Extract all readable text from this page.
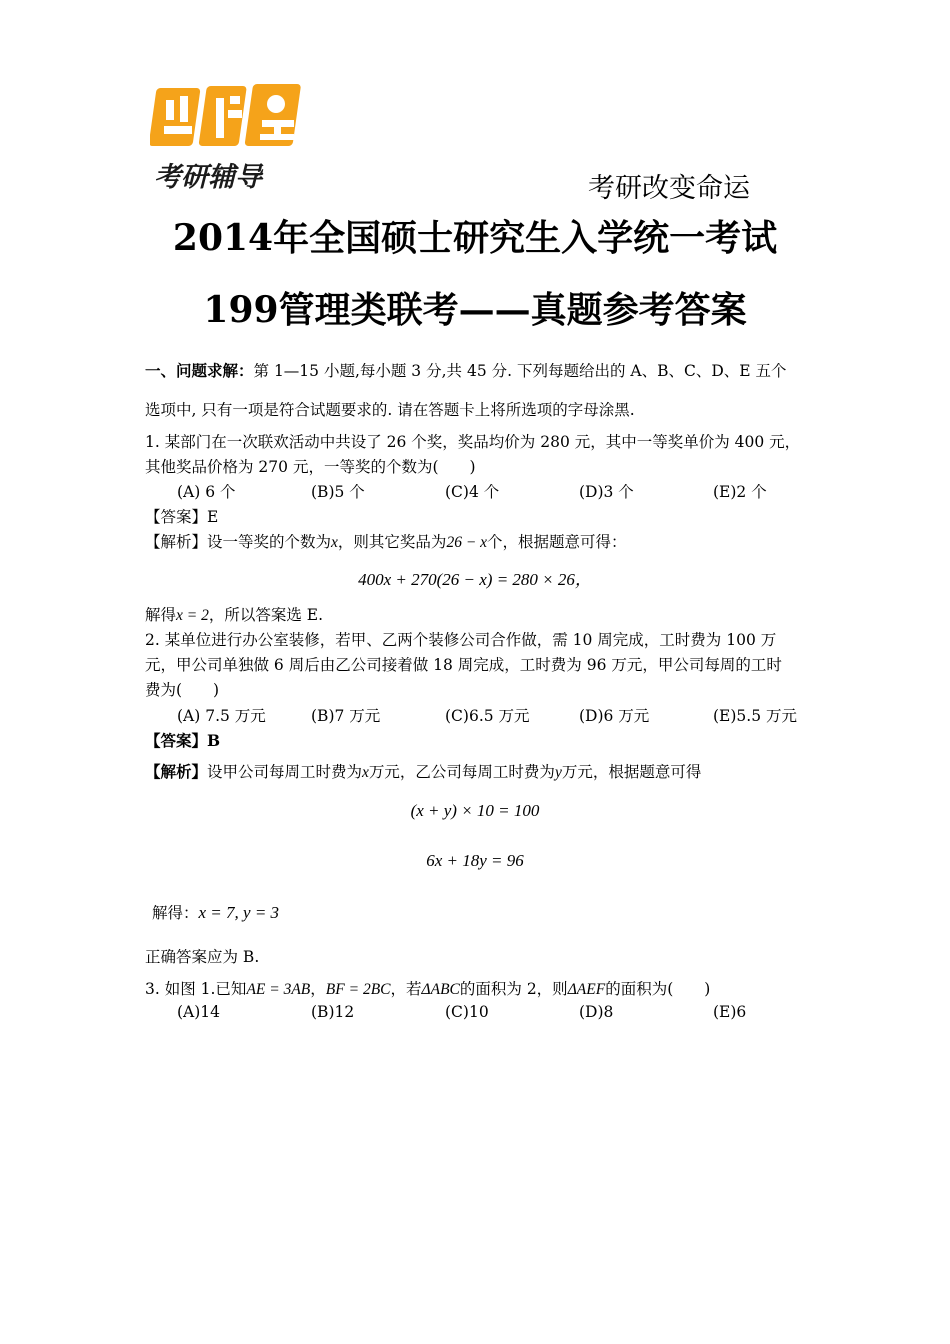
考研辅导	考研改变命运
2014年全国硕士研究生入学统一考试
199管理类联考——真题参考答案
一、问题求解：第 1—15 小题,每小题 3 分,共 45 分. 下列每题给出的 A、B、C、D、E 五个
选项中, 只有一项是符合试题要求的. 请在答题卡上将所选项的字母涂黑.
1. 某部门在一次联欢活动中共设了 26 个奖，奖品均价为 280 元，其中一等奖单价为 400 元，
其他奖品价格为 270 元，一等奖的个数为(　　)
(A) 6 个	(B)5 个	(C)4 个	(D)3 个	(E)2 个
【答案】E
【解析】设一等奖的个数为x，则其它奖品为26 − x个，根据题意可得：
400x + 270(26 − x) = 280 × 26，
解得x = 2，所以答案选 E.
2. 某单位进行办公室装修，若甲、乙两个装修公司合作做，需 10 周完成，工时费为 100 万
元，甲公司单独做 6 周后由乙公司接着做 18 周完成，工时费为 96 万元，甲公司每周的工时
费为(　　)
(A) 7.5 万元	(B)7 万元	(C)6.5 万元	(D)6 万元	(E)5.5 万元
【答案】B
【解析】设甲公司每周工时费为x万元，乙公司每周工时费为y万元，根据题意可得
(x + y) × 10 = 100
6x + 18y = 96
解得：x = 7, y = 3
正确答案应为 B.
3. 如图 1.已知AE = 3AB，BF = 2BC，若ΔABC的面积为 2，则ΔAEF的面积为(　　)
(A)14	(B)12	(C)10	(D)8	(E)6
